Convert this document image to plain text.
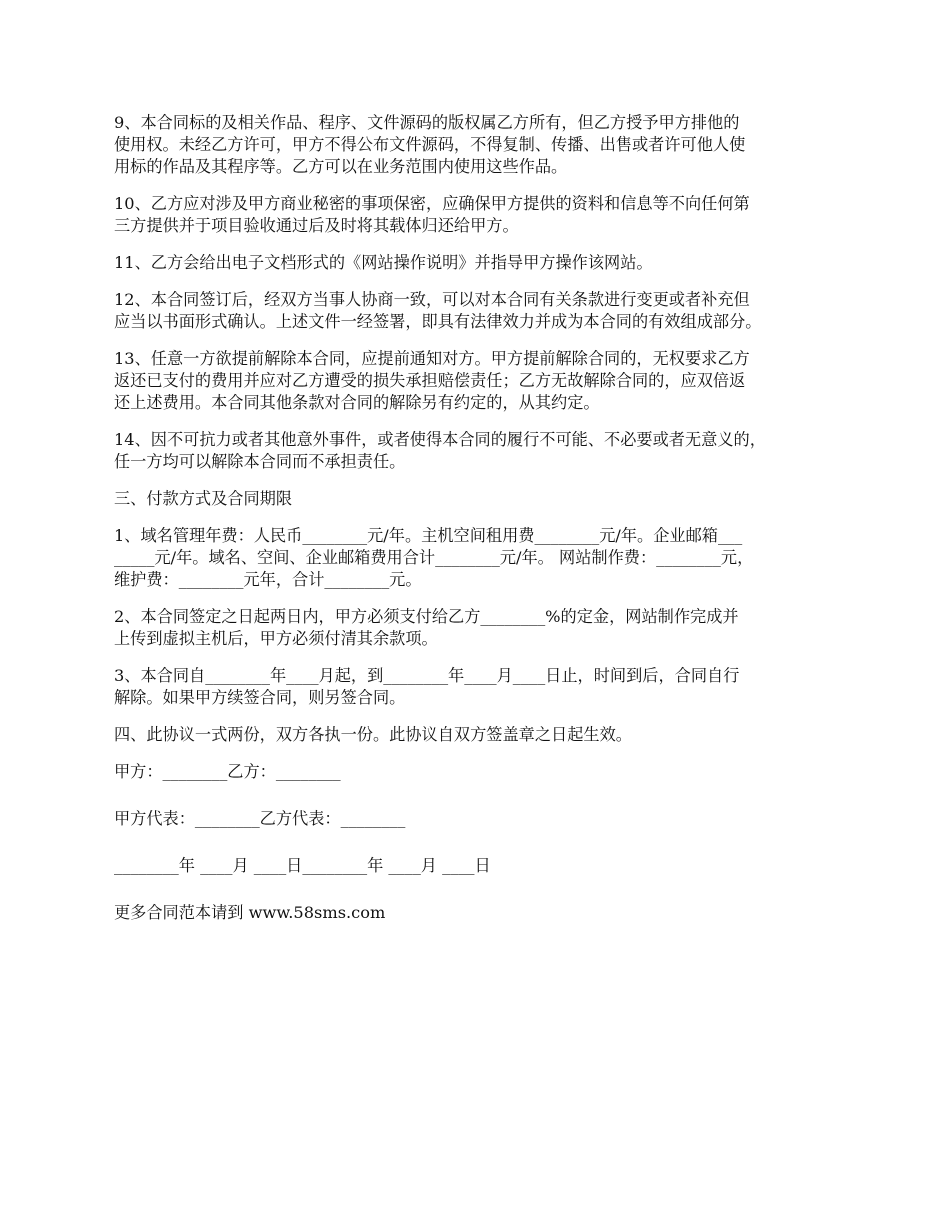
9、本合同标的及相关作品、程序、文件源码的版权属乙方所有，但乙方授予甲方排他的
使用权。未经乙方许可，甲方不得公布文件源码，不得复制、传播、出售或者许可他人使
用标的作品及其程序等。乙方可以在业务范围内使用这些作品。

10、乙方应对涉及甲方商业秘密的事项保密，应确保甲方提供的资料和信息等不向任何第
三方提供并于项目验收通过后及时将其载体归还给甲方。

11、乙方会给出电子文档形式的《网站操作说明》并指导甲方操作该网站。

12、本合同签订后，经双方当事人协商一致，可以对本合同有关条款进行变更或者补充但
应当以书面形式确认。上述文件一经签署，即具有法律效力并成为本合同的有效组成部分。

13、任意一方欲提前解除本合同，应提前通知对方。甲方提前解除合同的，无权要求乙方
返还已支付的费用并应对乙方遭受的损失承担赔偿责任；乙方无故解除合同的，应双倍返
还上述费用。本合同其他条款对合同的解除另有约定的，从其约定。

14、因不可抗力或者其他意外事件，或者使得本合同的履行不可能、不必要或者无意义的，
任一方均可以解除本合同而不承担责任。

三、付款方式及合同期限

1、域名管理年费：人民币________元/年。主机空间租用费________元/年。企业邮箱___
_____元/年。域名、空间、企业邮箱费用合计________元/年。 网站制作费：________元，
维护费：________元年，合计________元。

2、本合同签定之日起两日内，甲方必须支付给乙方________%的定金，网站制作完成并
上传到虚拟主机后，甲方必须付清其余款项。

3、本合同自________年____月起，到________年____月____日止，时间到后，合同自行
解除。如果甲方续签合同，则另签合同。

四、此协议一式两份，双方各执一份。此协议自双方签盖章之日起生效。

甲方：________乙方：________

甲方代表：________乙方代表：________

________年 ____月 ____日________年 ____月 ____日

更多合同范本请到 www.58sms.com
